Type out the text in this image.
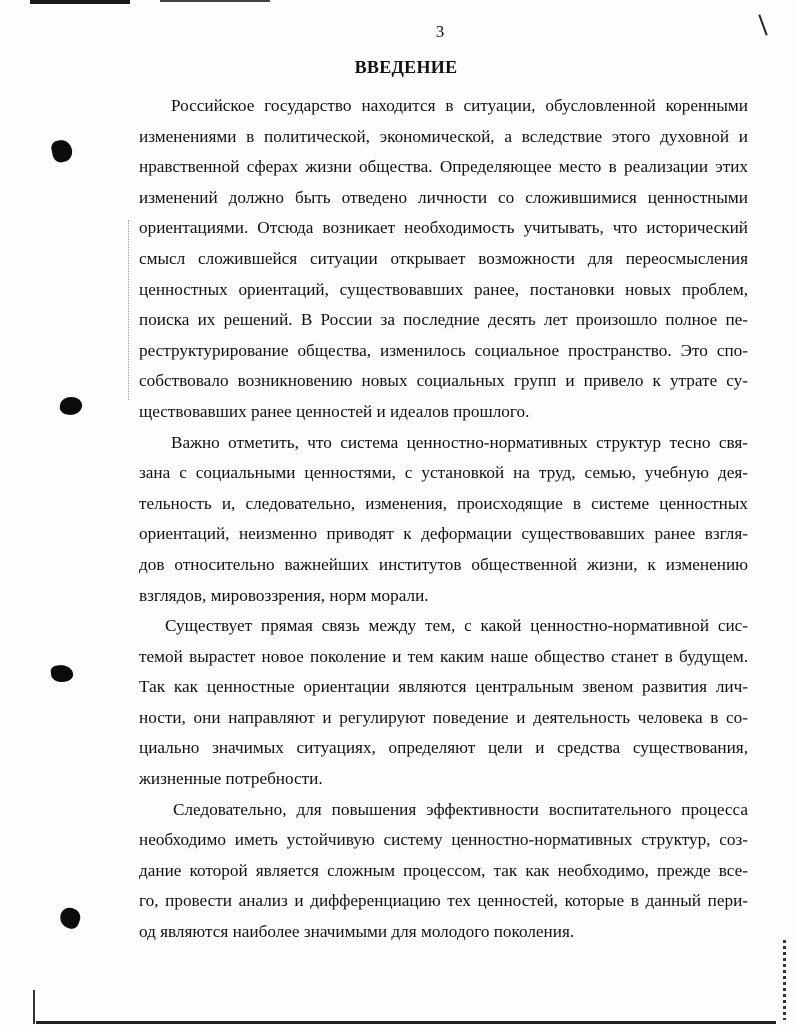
3
ВВЕДЕНИЕ

Российское государство находится в ситуации, обусловленной коренными
изменениями в политической, экономической, а вследствие этого духовной и
нравственной сферах жизни общества. Определяющее место в реализации этих
изменений должно быть отведено личности со сложившимися ценностными
ориентациями. Отсюда возникает необходимость учитывать, что исторический
смысл сложившейся ситуации открывает возможности для переосмысления
ценностных ориентаций, существовавших ранее, постановки новых проблем,
поиска их решений. В России за последние десять лет произошло полное пе-
реструктурирование общества, изменилось социальное пространство. Это спо-
собствовало возникновению новых социальных групп и привело к утрате су-
ществовавших ранее ценностей и идеалов прошлого.

Важно отметить, что система ценностно-нормативных структур тесно свя-
зана с социальными ценностями, с установкой на труд, семью, учебную дея-
тельность и, следовательно, изменения, происходящие в системе ценностных
ориентаций, неизменно приводят к деформации существовавших ранее взгля-
дов относительно важнейших институтов общественной жизни, к изменению
взглядов, мировоззрения, норм морали.

Существует прямая связь между тем, с какой ценностно-нормативной сис-
темой вырастет новое поколение и тем каким наше общество станет в будущем.
Так как ценностные ориентации являются центральным звеном развития лич-
ности, они направляют и регулируют поведение и деятельность человека в со-
циально значимых ситуациях, определяют цели и средства существования,
жизненные потребности.

Следовательно, для повышения эффективности воспитательного процесса
необходимо иметь устойчивую систему ценностно-нормативных структур, соз-
дание которой является сложным процессом, так как необходимо, прежде все-
го, провести анализ и дифференциацию тех ценностей, которые в данный пери-
од являются наиболее значимыми для молодого поколения.
